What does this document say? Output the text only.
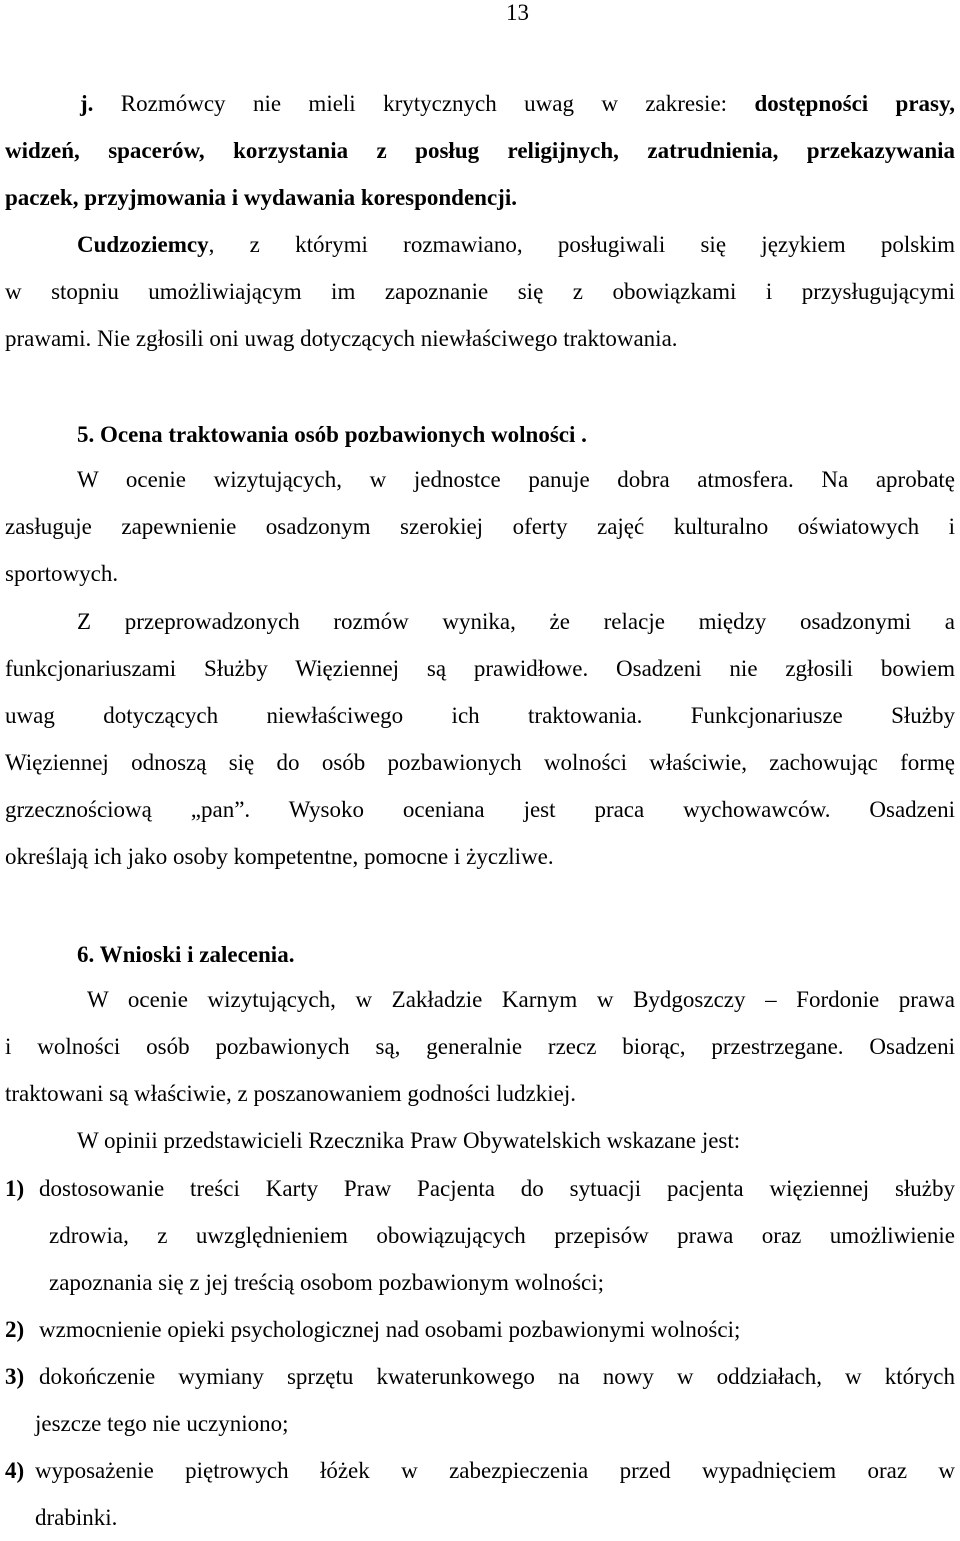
13
j. Rozmówcy nie mieli krytycznych uwag w zakresie: dostępności prasy,
widzeń, spacerów, korzystania z posług religijnych, zatrudnienia, przekazywania
paczek, przyjmowania i wydawania korespondencji.
Cudzoziemcy, z którymi rozmawiano, posługiwali się językiem polskim
w stopniu umożliwiającym im zapoznanie się z obowiązkami i przysługującymi
prawami. Nie zgłosili oni uwag dotyczących niewłaściwego traktowania.
5. Ocena traktowania osób pozbawionych wolności .
W ocenie wizytujących, w jednostce panuje dobra atmosfera. Na aprobatę
zasługuje zapewnienie osadzonym szerokiej oferty zajęć kulturalno oświatowych i
sportowych.
Z przeprowadzonych rozmów wynika, że relacje między osadzonymi a
funkcjonariuszami Służby Więziennej są prawidłowe. Osadzeni nie zgłosili bowiem
uwag dotyczących niewłaściwego ich traktowania. Funkcjonariusze Służby
Więziennej odnoszą się do osób pozbawionych wolności właściwie, zachowując formę
grzecznościową „pan”. Wysoko oceniana jest praca wychowawców. Osadzeni
określają ich jako osoby kompetentne, pomocne i życzliwe.
6. Wnioski i zalecenia.
W ocenie wizytujących, w Zakładzie Karnym w Bydgoszczy – Fordonie prawa
i wolności osób pozbawionych są, generalnie rzecz biorąc, przestrzegane. Osadzeni
traktowani są właściwie, z poszanowaniem godności ludzkiej.
W opinii przedstawicieli Rzecznika Praw Obywatelskich wskazane jest:
1) dostosowanie treści Karty Praw Pacjenta do sytuacji pacjenta więziennej służby
zdrowia, z uwzględnieniem obowiązujących przepisów prawa oraz umożliwienie
zapoznania się z jej treścią osobom pozbawionym wolności;
2) wzmocnienie opieki psychologicznej nad osobami pozbawionymi wolności;
3) dokończenie wymiany sprzętu kwaterunkowego na nowy w oddziałach, w których
jeszcze tego nie uczyniono;
4) wyposażenie piętrowych łóżek w zabezpieczenia przed wypadnięciem oraz w
drabinki.
